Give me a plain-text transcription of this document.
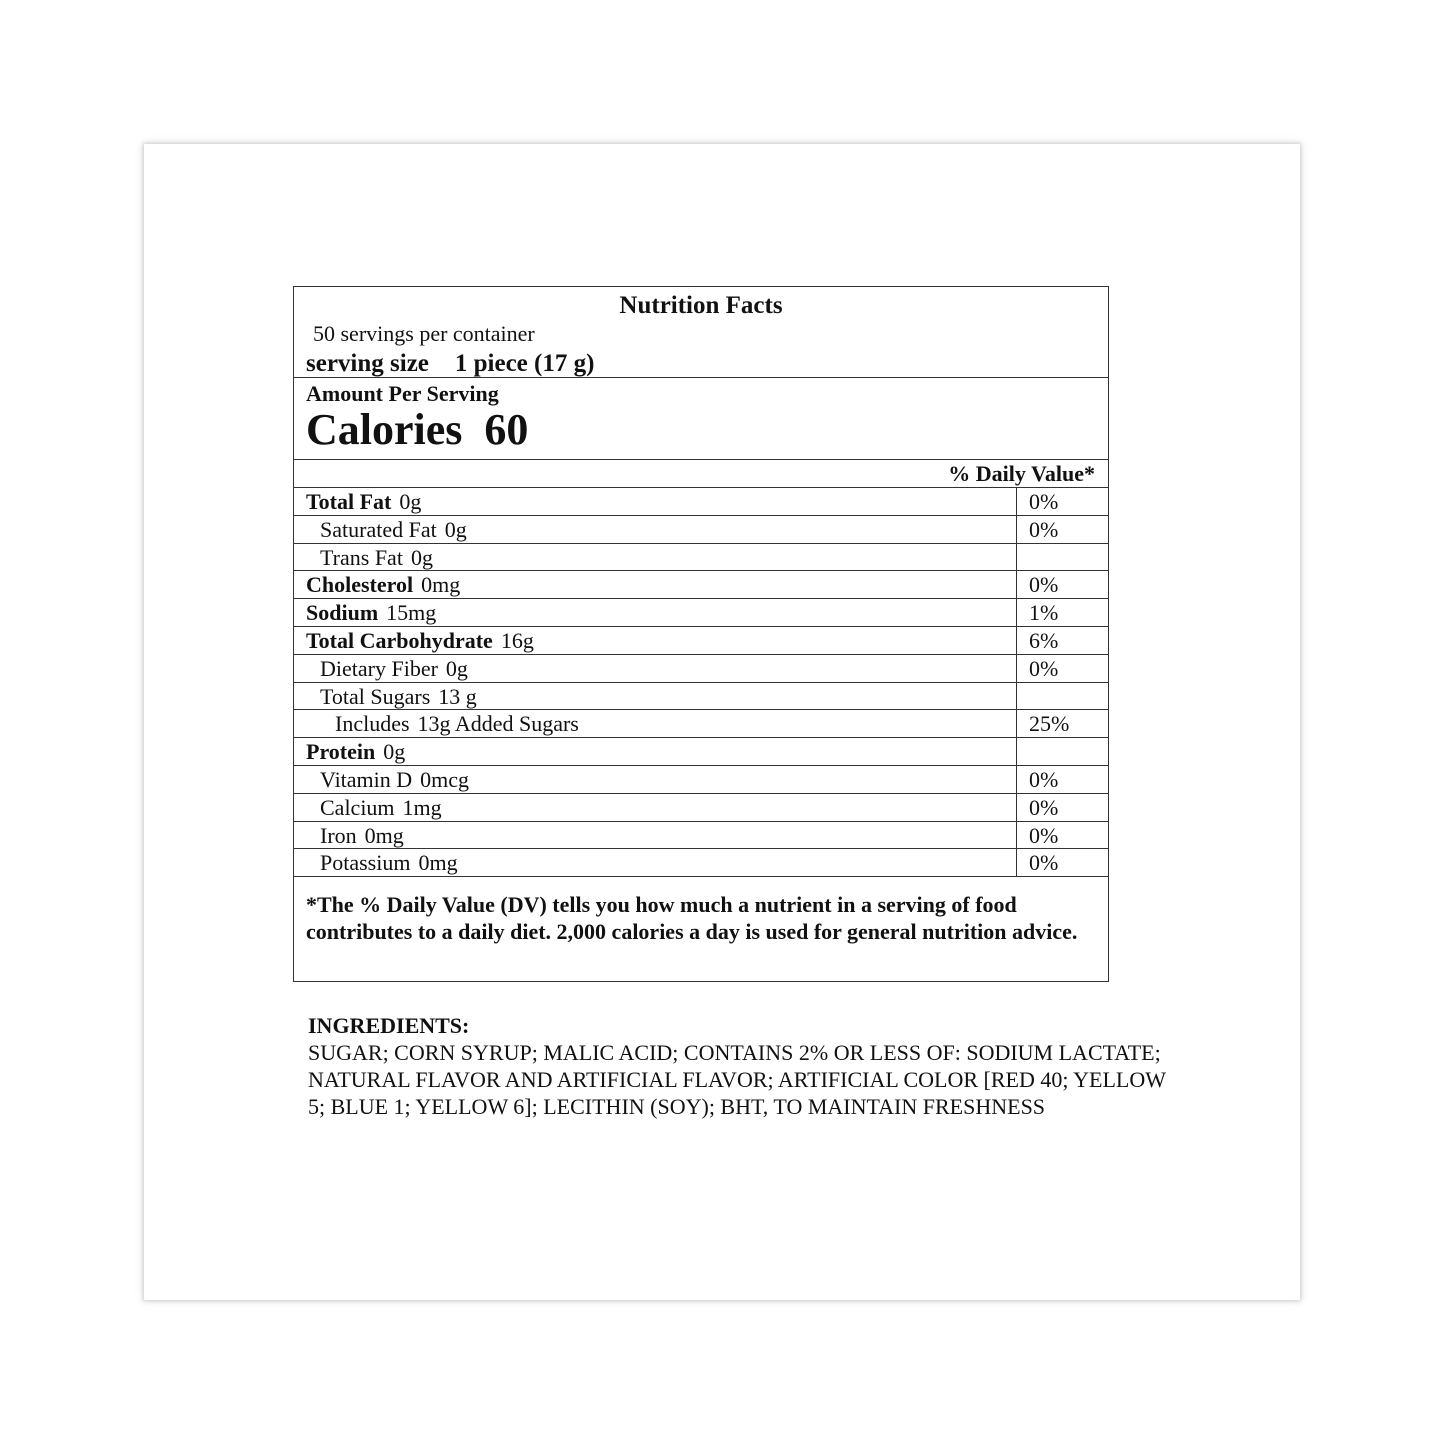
Nutrition Facts
50 servings per container
serving size 1 piece (17 g)
Amount Per Serving
Calories 60
% Daily Value*
Total Fat 0g	0%
Saturated Fat 0g	0%
Trans Fat 0g
Cholesterol 0mg	0%
Sodium 15mg	1%
Total Carbohydrate 16g	6%
Dietary Fiber 0g	0%
Total Sugars 13 g
Includes 13g Added Sugars	25%
Protein 0g
Vitamin D 0mcg	0%
Calcium 1mg	0%
Iron 0mg	0%
Potassium 0mg	0%
*The % Daily Value (DV) tells you how much a nutrient in a serving of food contributes to a daily diet. 2,000 calories a day is used for general nutrition advice.
INGREDIENTS:
SUGAR; CORN SYRUP; MALIC ACID; CONTAINS 2% OR LESS OF: SODIUM LACTATE; NATURAL FLAVOR AND ARTIFICIAL FLAVOR; ARTIFICIAL COLOR [RED 40; YELLOW 5; BLUE 1; YELLOW 6]; LECITHIN (SOY); BHT, TO MAINTAIN FRESHNESS
